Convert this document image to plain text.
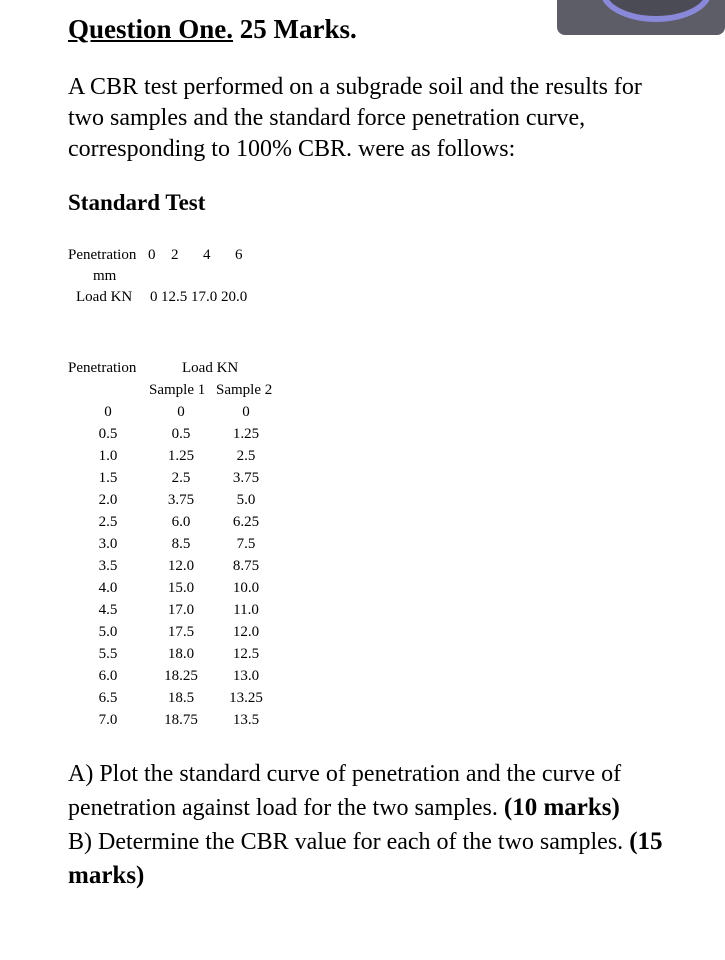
Question One. 25 Marks.
A CBR test performed on a subgrade soil and the results for two samples and the standard force penetration curve, corresponding to 100% CBR. were as follows:
Standard Test
Penetration 0 2 4 6
mm
Load KN 0 12.5 17.0 20.0
Penetration	Load KN
Sample 1 Sample 2
0	0	0
0.5	0.5	1.25
1.0	1.25	2.5
1.5	2.5	3.75
2.0	3.75	5.0
2.5	6.0	6.25
3.0	8.5	7.5
3.5	12.0	8.75
4.0	15.0	10.0
4.5	17.0	11.0
5.0	17.5	12.0
5.5	18.0	12.5
6.0	18.25	13.0
6.5	18.5	13.25
7.0	18.75	13.5

A) Plot the standard curve of penetration and the curve of penetration against load for the two samples. (10 marks)

B) Determine the CBR value for each of the two samples. (15 marks)
